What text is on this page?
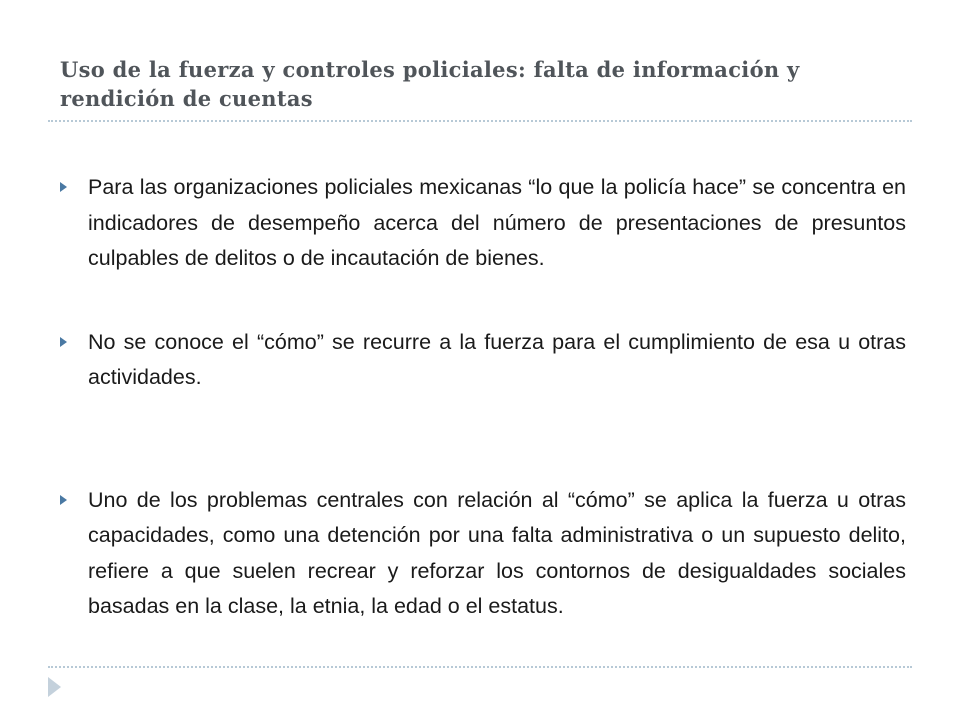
Uso de la fuerza y controles policiales: falta de información y rendición de cuentas
Para las organizaciones policiales mexicanas “lo que la policía hace” se concentra en indicadores de desempeño acerca del número de presentaciones de presuntos culpables de delitos o de incautación de bienes.
No se conoce el “cómo” se recurre a la fuerza para el cumplimiento de esa u otras actividades.
Uno de los problemas centrales con relación al “cómo” se aplica la fuerza u otras capacidades, como una detención por una falta administrativa o un supuesto delito, refiere a que suelen recrear y reforzar los contornos de desigualdades sociales basadas en la clase, la etnia, la edad o el estatus.
